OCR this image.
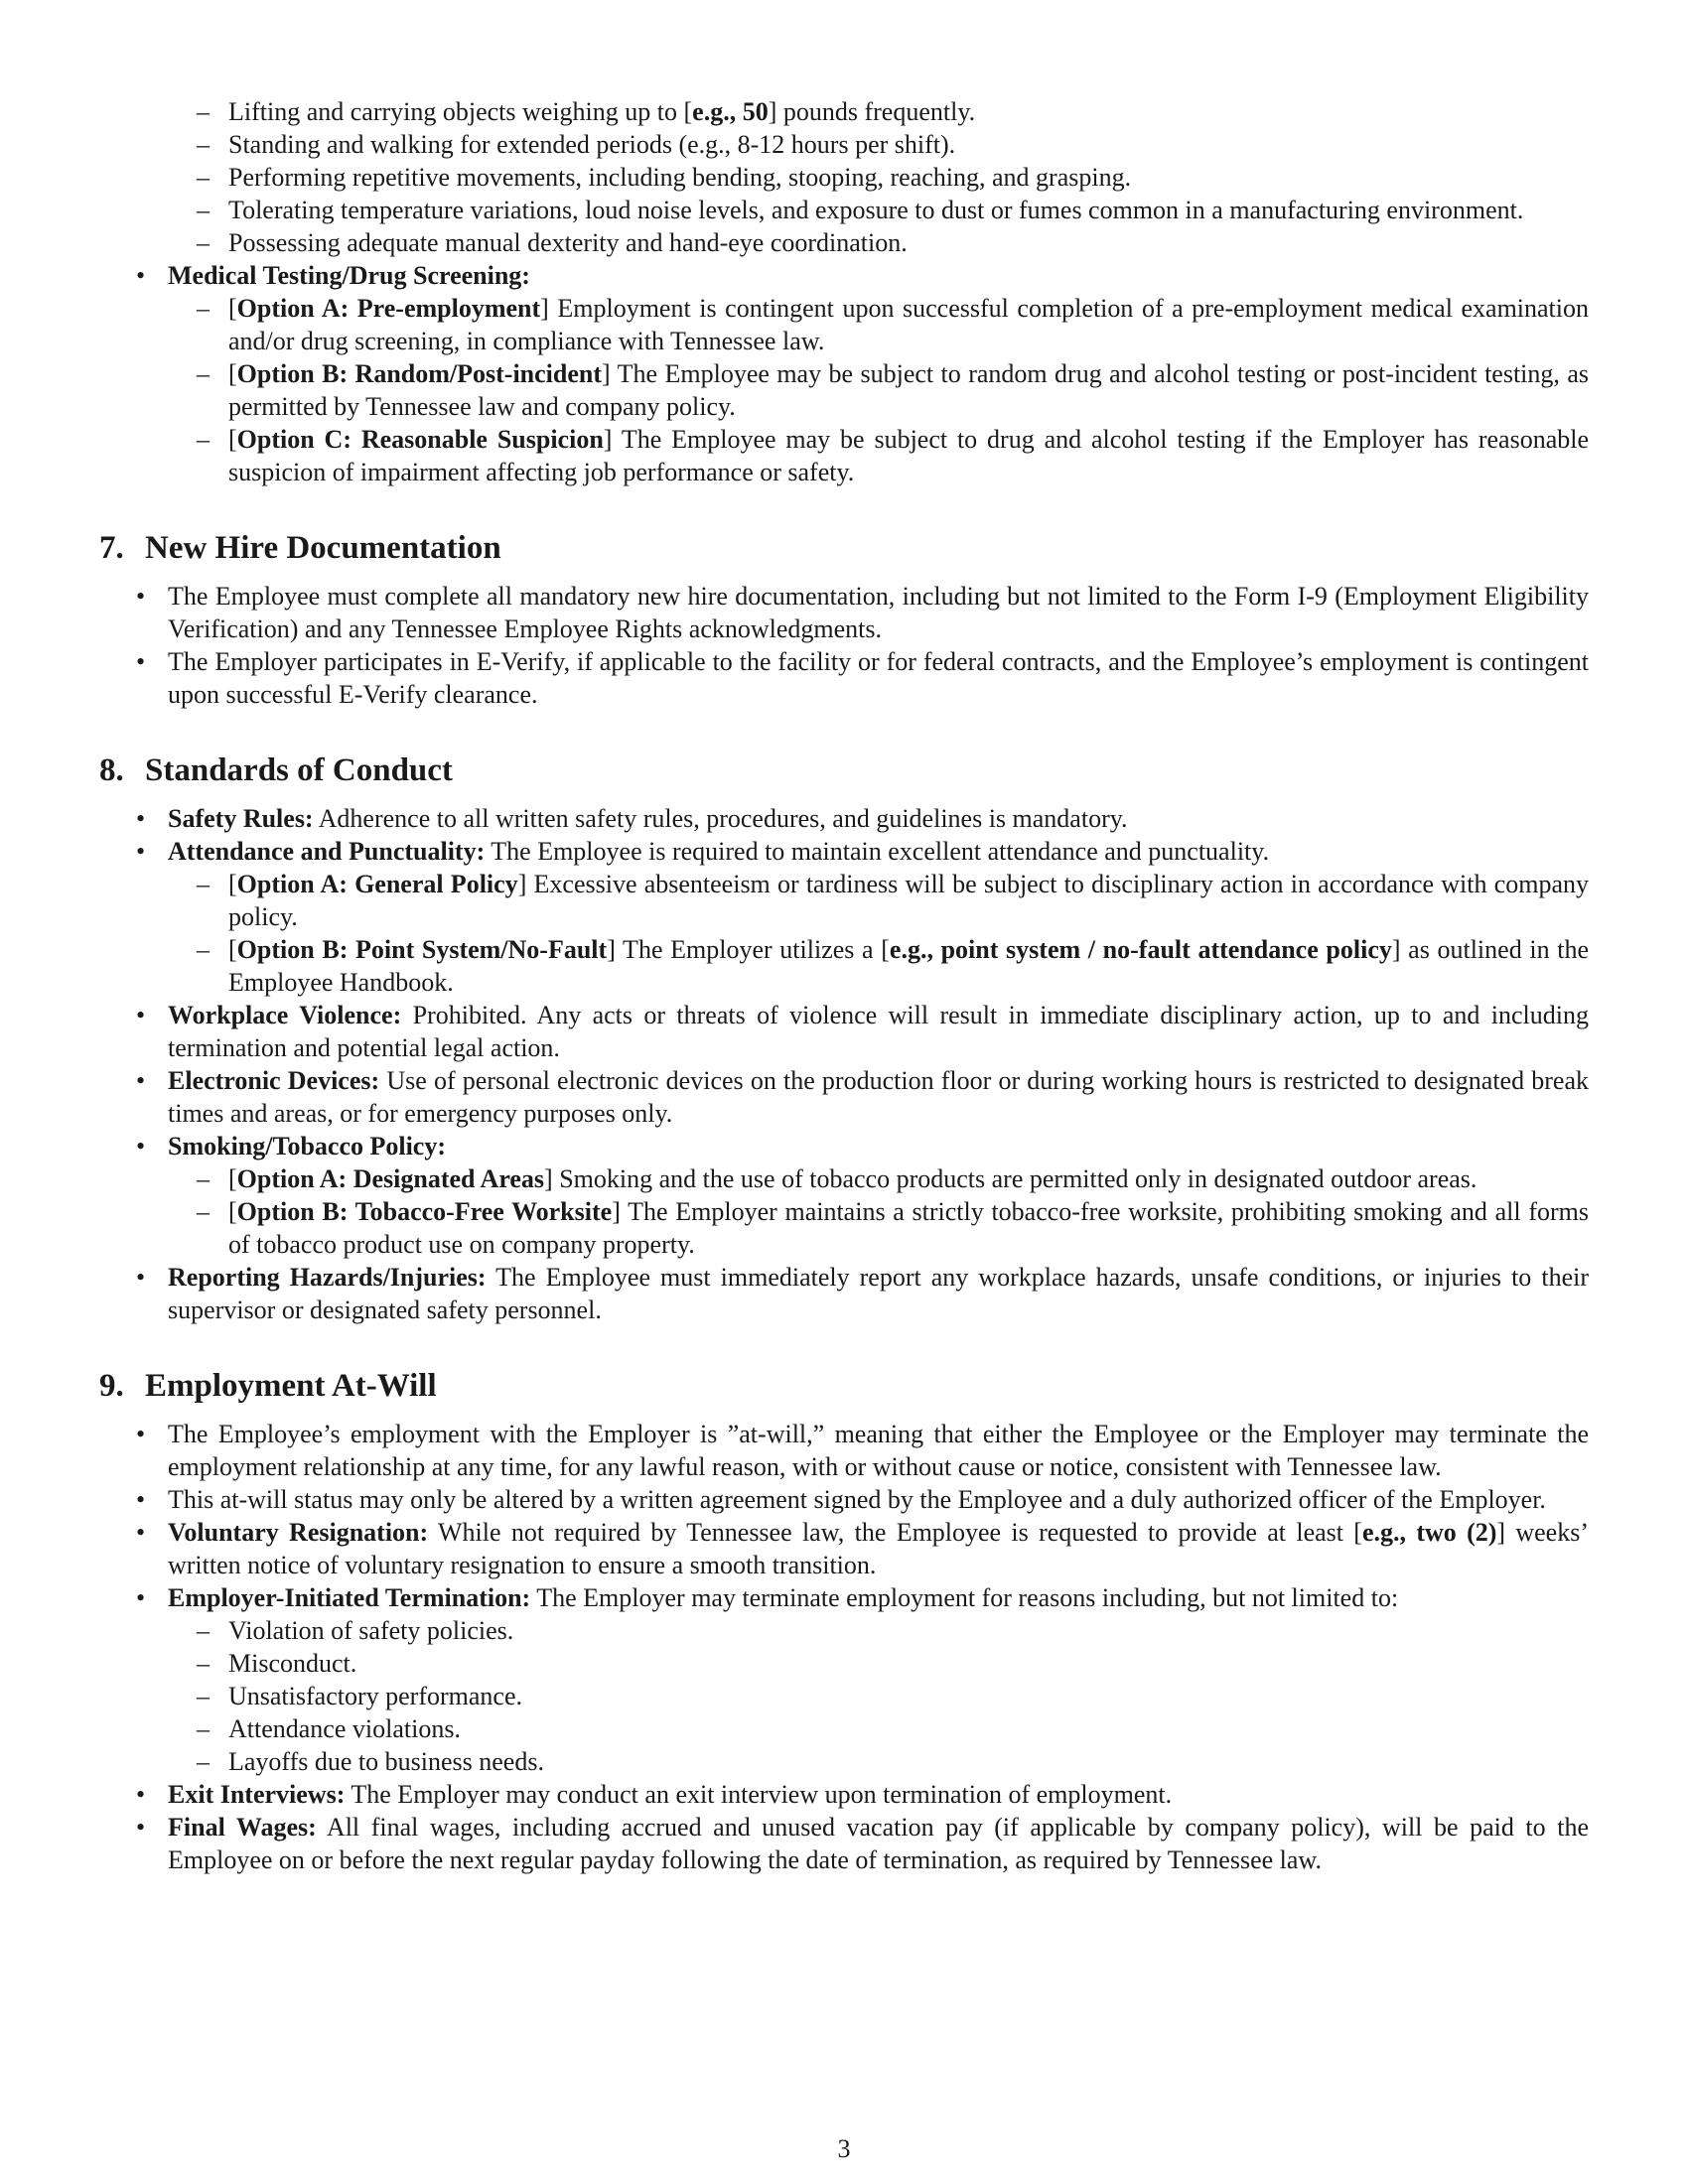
– Lifting and carrying objects weighing up to [e.g., 50] pounds frequently.
– Standing and walking for extended periods (e.g., 8-12 hours per shift).
– Performing repetitive movements, including bending, stooping, reaching, and grasping.
– Tolerating temperature variations, loud noise levels, and exposure to dust or fumes common in a manufacturing environment.
– Possessing adequate manual dexterity and hand-eye coordination.
• Medical Testing/Drug Screening:
– [Option A: Pre-employment] Employment is contingent upon successful completion of a pre-employment medical examination and/or drug screening, in compliance with Tennessee law.
– [Option B: Random/Post-incident] The Employee may be subject to random drug and alcohol testing or post-incident testing, as permitted by Tennessee law and company policy.
– [Option C: Reasonable Suspicion] The Employee may be subject to drug and alcohol testing if the Employer has reasonable suspicion of impairment affecting job performance or safety.
7. New Hire Documentation
• The Employee must complete all mandatory new hire documentation, including but not limited to the Form I-9 (Employment Eligibility Verification) and any Tennessee Employee Rights acknowledgments.
• The Employer participates in E-Verify, if applicable to the facility or for federal contracts, and the Employee’s employment is contingent upon successful E-Verify clearance.
8. Standards of Conduct
• Safety Rules: Adherence to all written safety rules, procedures, and guidelines is mandatory.
• Attendance and Punctuality: The Employee is required to maintain excellent attendance and punctuality.
– [Option A: General Policy] Excessive absenteeism or tardiness will be subject to disciplinary action in accordance with company policy.
– [Option B: Point System/No-Fault] The Employer utilizes a [e.g., point system / no-fault attendance policy] as outlined in the Employee Handbook.
• Workplace Violence: Prohibited. Any acts or threats of violence will result in immediate disciplinary action, up to and including termination and potential legal action.
• Electronic Devices: Use of personal electronic devices on the production floor or during working hours is restricted to designated break times and areas, or for emergency purposes only.
• Smoking/Tobacco Policy:
– [Option A: Designated Areas] Smoking and the use of tobacco products are permitted only in designated outdoor areas.
– [Option B: Tobacco-Free Worksite] The Employer maintains a strictly tobacco-free worksite, prohibiting smoking and all forms of tobacco product use on company property.
• Reporting Hazards/Injuries: The Employee must immediately report any workplace hazards, unsafe conditions, or injuries to their supervisor or designated safety personnel.
9. Employment At-Will
• The Employee’s employment with the Employer is ”at-will,” meaning that either the Employee or the Employer may terminate the employment relationship at any time, for any lawful reason, with or without cause or notice, consistent with Tennessee law.
• This at-will status may only be altered by a written agreement signed by the Employee and a duly authorized officer of the Employer.
• Voluntary Resignation: While not required by Tennessee law, the Employee is requested to provide at least [e.g., two (2)] weeks’ written notice of voluntary resignation to ensure a smooth transition.
• Employer-Initiated Termination: The Employer may terminate employment for reasons including, but not limited to:
– Violation of safety policies.
– Misconduct.
– Unsatisfactory performance.
– Attendance violations.
– Layoffs due to business needs.
• Exit Interviews: The Employer may conduct an exit interview upon termination of employment.
• Final Wages: All final wages, including accrued and unused vacation pay (if applicable by company policy), will be paid to the Employee on or before the next regular payday following the date of termination, as required by Tennessee law.
3
